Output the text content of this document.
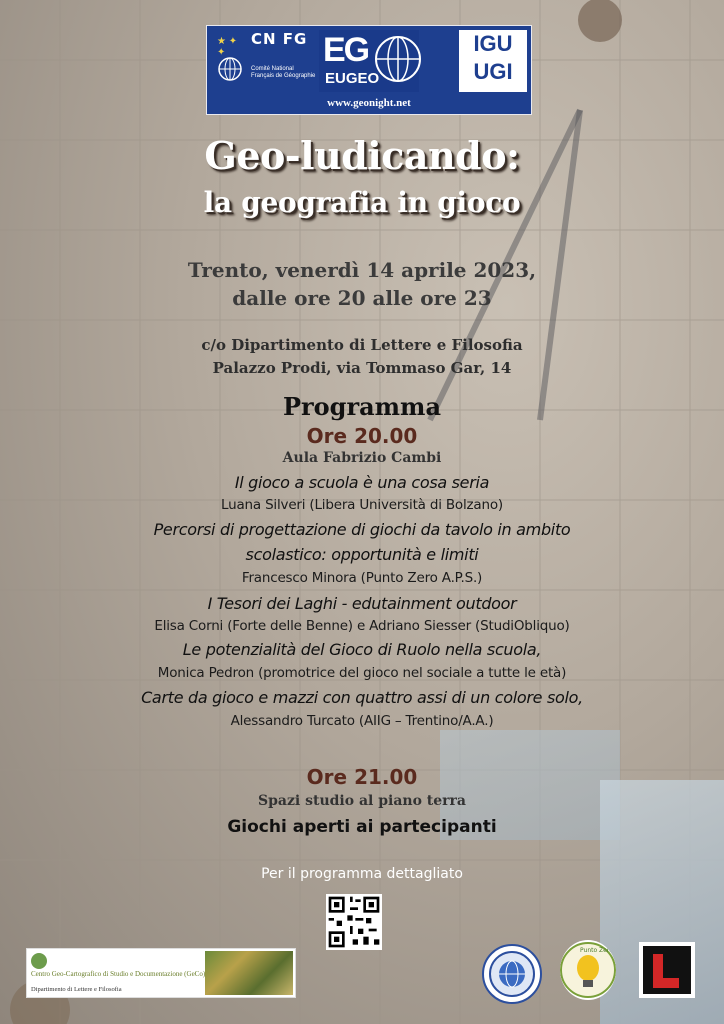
★ ✦
✦
CN FG
Comité National Français de Géographie
EG
EUGEO
IGU
UGI
www.geonight.net
Geo-ludicando:
la geografia in gioco
Trento, venerdì 14 aprile 2023,
dalle ore 20 alle ore 23
c/o Dipartimento di Lettere e Filosofia
Palazzo Prodi, via Tommaso Gar, 14
Programma
Ore 20.00
Aula Fabrizio Cambi
Il gioco a scuola è una cosa seria
Luana Silveri (Libera Università di Bolzano)
Percorsi di progettazione di giochi da tavolo in ambito
scolastico: opportunità e limiti
Francesco Minora (Punto Zero A.P.S.)
I Tesori dei Laghi - edutainment outdoor
Elisa Corni (Forte delle Benne) e Adriano Siesser (StudiObliquo)
Le potenzialità del Gioco di Ruolo nella scuola,
Monica Pedron (promotrice del gioco nel sociale a tutte le età)
Carte da gioco e mazzi con quattro assi di un colore solo,
Alessandro Turcato (AIIG – Trentino/A.A.)
Ore 21.00
Spazi studio al piano terra
Giochi aperti ai partecipanti
Per il programma dettagliato
Centro Geo-Cartografico di Studio e Documentazione (GeCo)
Dipartimento di Lettere e Filosofia
Punto Zero
